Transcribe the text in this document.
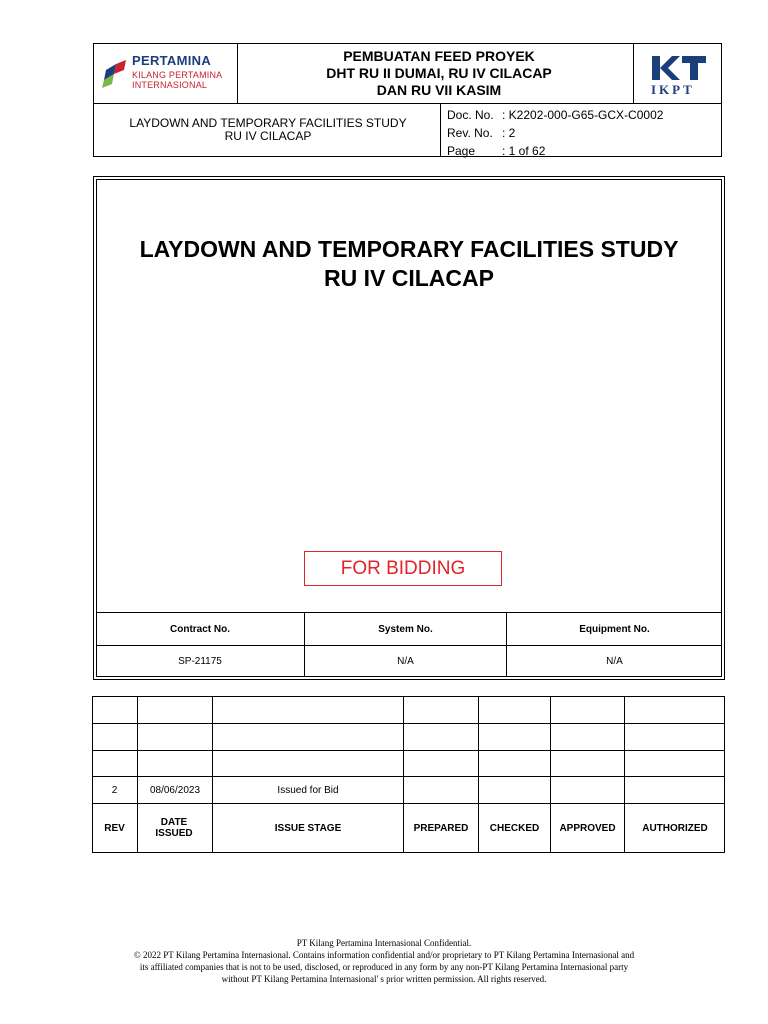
PERTAMINA
KILANG PERTAMINA
INTERNASIONAL
PEMBUATAN FEED PROYEK
DHT RU II DUMAI, RU IV CILACAP
DAN RU VII KASIM	IKPT
LAYDOWN AND TEMPORARY FACILITIES STUDY
RU IV CILACAP
Doc. No. : K2202-000-G65-GCX-C0002
Rev. No. : 2
Page : 1 of 62
LAYDOWN AND TEMPORARY FACILITIES STUDY
RU IV CILACAP
FOR BIDDING
Contract No.	System No.	Equipment No.
SP-21175	N/A	N/A
2	08/06/2023	Issued for Bid
REV	DATE ISSUED	ISSUE STAGE	PREPARED	CHECKED	APPROVED	AUTHORIZED
PT Kilang Pertamina Internasional Confidential.
© 2022 PT Kilang Pertamina Internasional. Contains information confidential and/or proprietary to PT Kilang Pertamina Internasional and
its affiliated companies that is not to be used, disclosed, or reproduced in any form by any non-PT Kilang Pertamina Internasional party
without PT Kilang Pertamina Internasional' s prior written permission. All rights reserved.
